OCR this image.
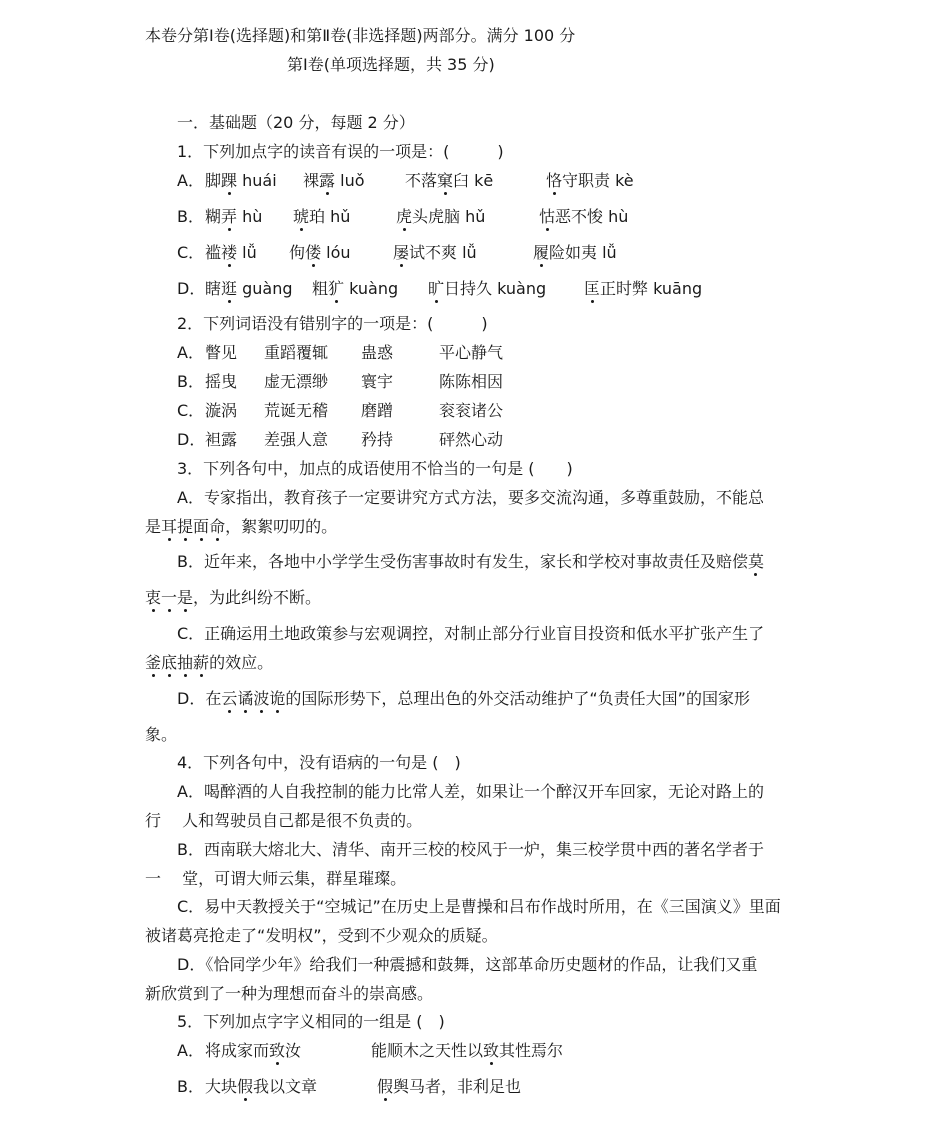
本卷分第Ⅰ卷(选择题)和第Ⅱ卷(非选择题)两部分。满分 100 分
第Ⅰ卷(单项选择题，共 35 分)
一．基础题（20 分，每题 2 分）
1．下列加点字的读音有误的一项是：(　　　)
A． 脚踝 huái 裸露 luǒ	不落窠臼 kē	恪守职责 kè
B． 糊弄 hù 琥珀 hǔ	虎头虎脑 hǔ	怙恶不悛 hù
C． 褴褛 lǚ 佝偻 lóu	屡试不爽 lǚ	履险如夷 lǚ
D． 瞎逛 guàng 粗犷 kuàng 旷日持久 kuàng 匡正时弊 kuāng
2．下列词语没有错别字的一项是：(　　　)
A． 瞥见 重蹈覆辄 蛊惑	平心静气
B． 摇曳 虚无漂缈 寰宇	陈陈相因
C． 漩涡 荒诞无稽 磨蹭	衮衮诸公
D． 袒露 差强人意 矜持	砰然心动
3．下列各句中，加点的成语使用不恰当的一句是 (　　)
A．专家指出，教育孩子一定要讲究方式方法，要多交流沟通，多尊重鼓励，不能总
是耳提面命，絮絮叨叨的。
B．近年来，各地中小学学生受伤害事故时有发生，家长和学校对事故责任及赔偿莫
衷一是，为此纠纷不断。
C．正确运用土地政策参与宏观调控，对制止部分行业盲目投资和低水平扩张产生了
釜底抽薪的效应。
D．在云谲波诡的国际形势下，总理出色的外交活动维护了“负责任大国”的国家形
象。
4．下列各句中，没有语病的一句是 (　)
A．喝醉酒的人自我控制的能力比常人差，如果让一个醉汉开车回家，无论对路上的
行　 人和驾驶员自己都是很不负责的。
B．西南联大熔北大、清华、南开三校的校风于一炉，集三校学贯中西的著名学者于
一　 堂，可谓大师云集，群星璀璨。
C．易中天教授关于“空城记”在历史上是曹操和吕布作战时所用，在《三国演义》里面
被诸葛亮抢走了“发明权”，受到不少观众的质疑。
D．《恰同学少年》给我们一种震撼和鼓舞，这部革命历史题材的作品，让我们又重
新欣赏到了一种为理想而奋斗的崇高感。
5．下列加点字字义相同的一组是 (　)
A． 将成家而致汝	能顺木之天性以致其性焉尔
B． 大块假我以文章	假舆马者，非利足也
